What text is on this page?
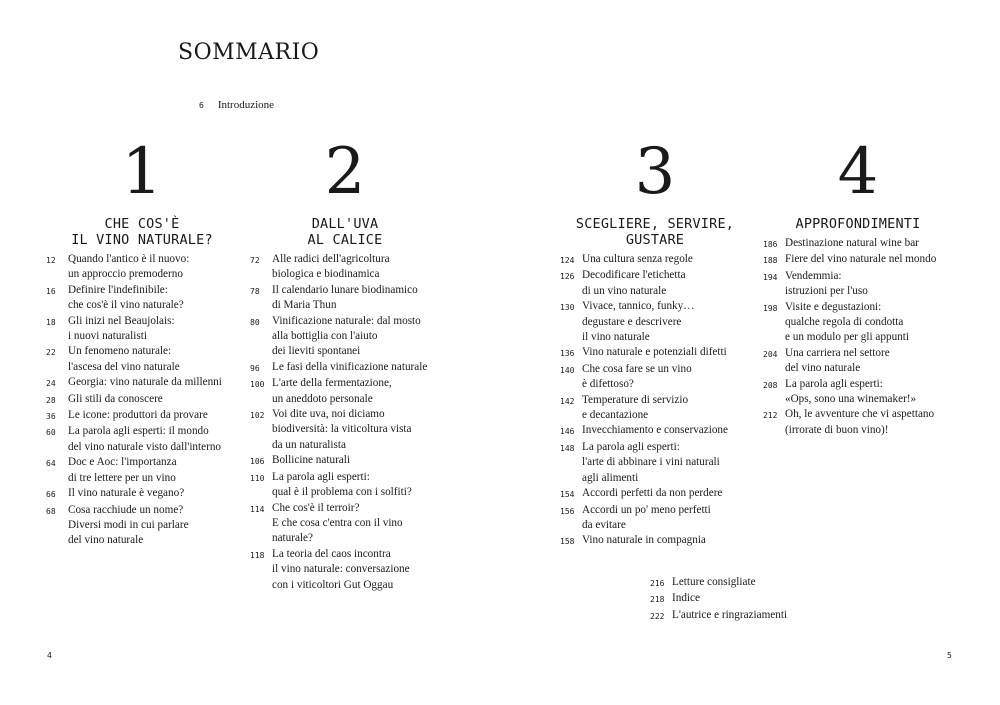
SOMMARIO
6 Introduzione
1
CHE COS'È
IL VINO NATURALE?
2
DALL'UVA
AL CALICE
3
SCEGLIERE, SERVIRE,
GUSTARE
4
APPROFONDIMENTI
12	Quando l'antico è il nuovo:
un approccio premoderno
16	Definire l'indefinibile:
che cos'è il vino naturale?
18	Gli inizi nel Beaujolais:
i nuovi naturalisti
22	Un fenomeno naturale:
l'ascesa del vino naturale
24	Georgia: vino naturale da millenni
28	Gli stili da conoscere
36	Le icone: produttori da provare
60	La parola agli esperti: il mondo
del vino naturale visto dall'interno
64	Doc e Aoc: l'importanza
di tre lettere per un vino
66	Il vino naturale è vegano?
68	Cosa racchiude un nome?
Diversi modi in cui parlare
del vino naturale
72	Alle radici dell'agricoltura
biologica e biodinamica
78	Il calendario lunare biodinamico
di Maria Thun
80	Vinificazione naturale: dal mosto
alla bottiglia con l'aiuto
dei lieviti spontanei
96	Le fasi della vinificazione naturale
100 L'arte della fermentazione,
un aneddoto personale
102 Voi dite uva, noi diciamo
biodiversità: la viticoltura vista
da un naturalista
106 Bollicine naturali
110 La parola agli esperti:
qual è il problema con i solfiti?
114 Che cos'è il terroir?
E che cosa c'entra con il vino
naturale?
118 La teoria del caos incontra
il vino naturale: conversazione
con i viticoltori Gut Oggau
124 Una cultura senza regole
126 Decodificare l'etichetta
di un vino naturale
130 Vivace, tannico, funky…
degustare e descrivere
il vino naturale
136 Vino naturale e potenziali difetti
140 Che cosa fare se un vino
è difettoso?
142 Temperature di servizio
e decantazione
146 Invecchiamento e conservazione
148 La parola agli esperti:
l'arte di abbinare i vini naturali
agli alimenti
154 Accordi perfetti da non perdere
156 Accordi un po' meno perfetti
da evitare
158 Vino naturale in compagnia
186 Destinazione natural wine bar
188 Fiere del vino naturale nel mondo
194 Vendemmia:
istruzioni per l'uso
198 Visite e degustazioni:
qualche regola di condotta
e un modulo per gli appunti
204 Una carriera nel settore
del vino naturale
208 La parola agli esperti:
«Ops, sono una winemaker!»
212 Oh, le avventure che vi aspettano
(irrorate di buon vino)!
216 Letture consigliate
218 Indice
222 L'autrice e ringraziamenti
4	5
